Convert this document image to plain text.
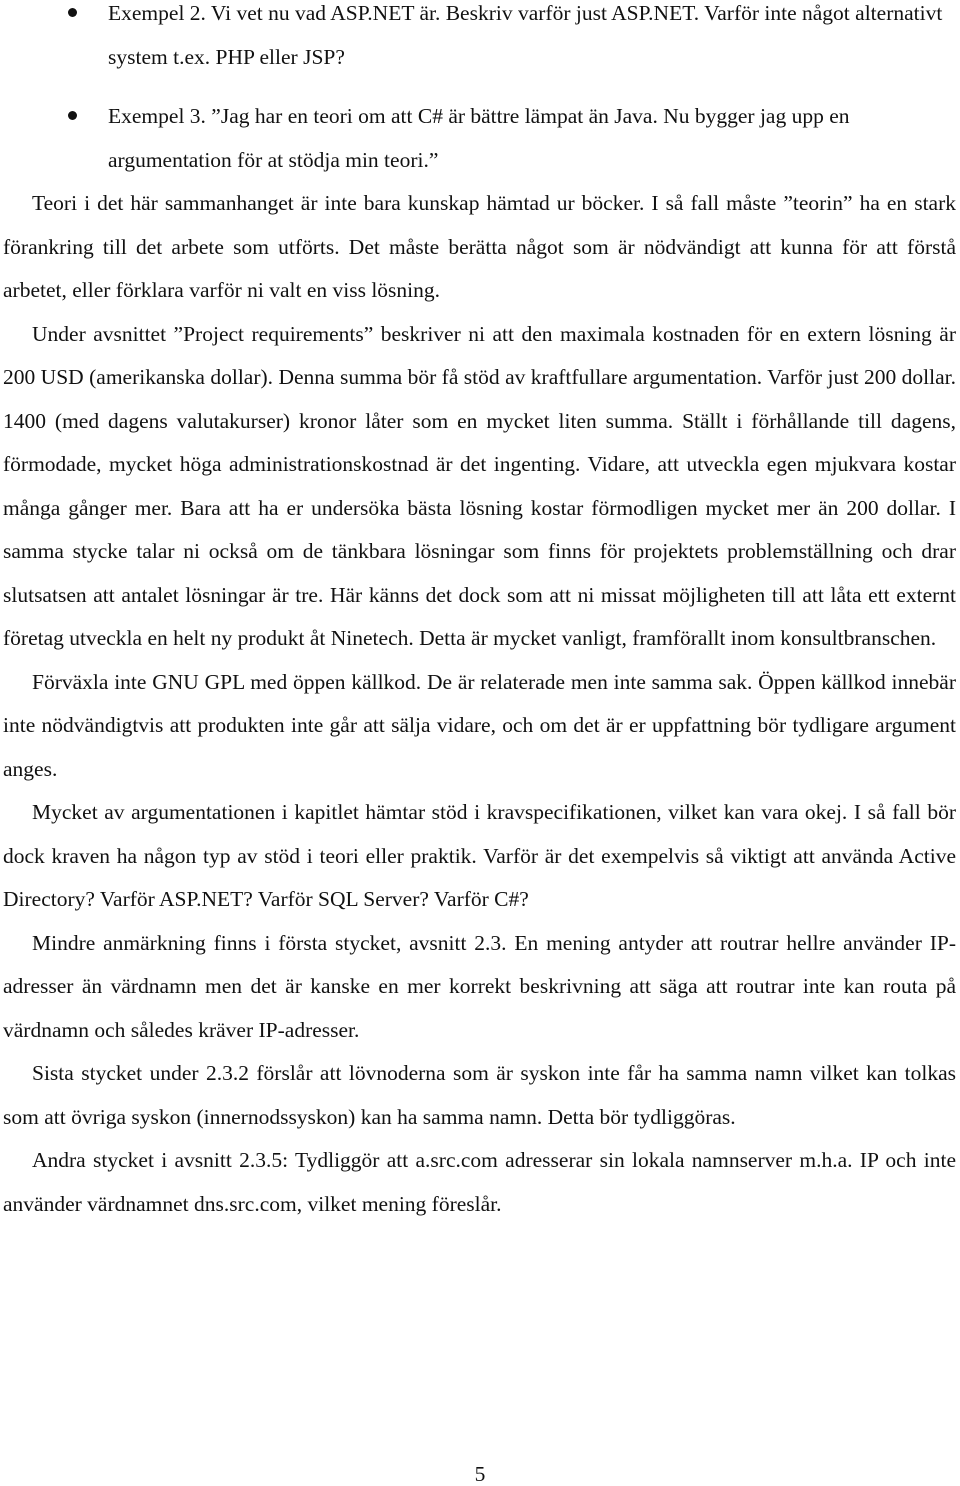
Exempel 2. Vi vet nu vad ASP.NET är. Beskriv varför just ASP.NET. Varför inte något alternativt system t.ex. PHP eller JSP?
Exempel 3. ”Jag har en teori om att C# är bättre lämpat än Java. Nu bygger jag upp en argumentation för at stödja min teori.”

Teori i det här sammanhanget är inte bara kunskap hämtad ur böcker. I så fall måste ”teorin” ha en stark förankring till det arbete som utförts. Det måste berätta något som är nödvändigt att kunna för att förstå arbetet, eller förklara varför ni valt en viss lösning.

Under avsnittet ”Project requirements” beskriver ni att den maximala kostnaden för en extern lösning är 200 USD (amerikanska dollar). Denna summa bör få stöd av kraftfullare argumentation. Varför just 200 dollar. 1400 (med dagens valutakurser) kronor låter som en mycket liten summa. Ställt i förhållande till dagens, förmodade, mycket höga administrationskostnad är det ingenting. Vidare, att utveckla egen mjukvara kostar många gånger mer. Bara att ha er undersöka bästa lösning kostar förmodligen mycket mer än 200 dollar. I samma stycke talar ni också om de tänkbara lösningar som finns för projektets problemställning och drar slutsatsen att antalet lösningar är tre. Här känns det dock som att ni missat möjligheten till att låta ett externt företag utveckla en helt ny produkt åt Ninetech. Detta är mycket vanligt, framförallt inom konsultbranschen.

Förväxla inte GNU GPL med öppen källkod. De är relaterade men inte samma sak. Öppen källkod innebär inte nödvändigtvis att produkten inte går att sälja vidare, och om det är er uppfattning bör tydligare argument anges.

Mycket av argumentationen i kapitlet hämtar stöd i kravspecifikationen, vilket kan vara okej. I så fall bör dock kraven ha någon typ av stöd i teori eller praktik. Varför är det exempelvis så viktigt att använda Active Directory? Varför ASP.NET? Varför SQL Server? Varför C#?

Mindre anmärkning finns i första stycket, avsnitt 2.3. En mening antyder att routrar hellre använder IP-adresser än värdnamn men det är kanske en mer korrekt beskrivning att säga att routrar inte kan routa på värdnamn och således kräver IP-adresser.

Sista stycket under 2.3.2 förslår att lövnoderna som är syskon inte får ha samma namn vilket kan tolkas som att övriga syskon (innernodssyskon) kan ha samma namn. Detta bör tydliggöras.

Andra stycket i avsnitt 2.3.5: Tydliggör att a.src.com adresserar sin lokala namnserver m.h.a. IP och inte använder värdnamnet dns.src.com, vilket mening föreslår.

5
